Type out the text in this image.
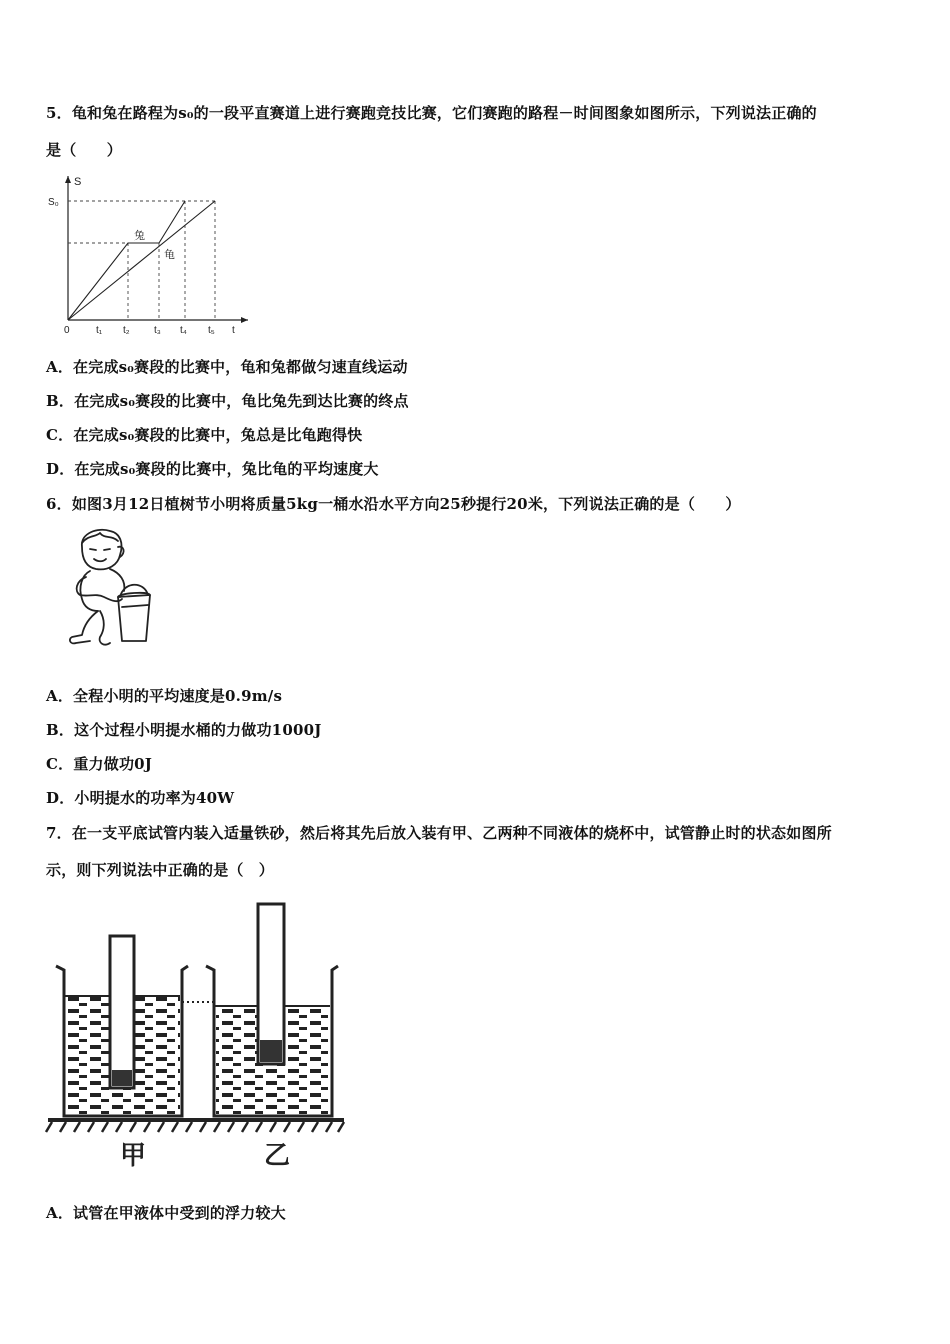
5．龟和兔在路程为s₀的一段平直赛道上进行赛跑竞技比赛，它们赛跑的路程－时间图象如图所示，下列说法正确的
是（　　）
S
S₀
0	t₁ t₂ t₃ t₄ t₅ t
兔
龟
A．在完成s₀赛段的比赛中，龟和兔都做匀速直线运动
B．在完成s₀赛段的比赛中，龟比兔先到达比赛的终点
C．在完成s₀赛段的比赛中，兔总是比龟跑得快
D．在完成s₀赛段的比赛中，兔比龟的平均速度大
6．如图3月12日植树节小明将质量5kg一桶水沿水平方向25秒提行20米，下列说法正确的是（　　）
A．全程小明的平均速度是0.9m/s
B．这个过程小明提水桶的力做功1000J
C．重力做功0J
D．小明提水的功率为40W
7．在一支平底试管内装入适量铁砂，然后将其先后放入装有甲、乙两种不同液体的烧杯中，试管静止时的状态如图所
示，则下列说法中正确的是（　）
甲	乙
A．试管在甲液体中受到的浮力较大
